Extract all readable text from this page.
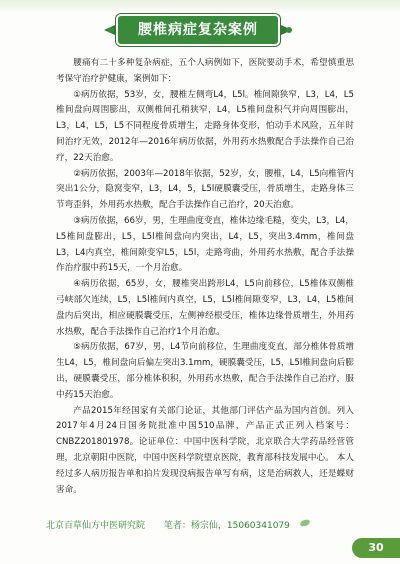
腰椎病症复杂案例

腰痛有二十多种复杂病症，五个人病例如下，医院要动手术，希望慎重思考保守治疗护健康，案例如下：

①病历依据，53岁，女，腰椎左侧弯L4，L5l。椎间隙狭窄，L3，L4，L5椎间盘向周围膨出，双侧椎间孔稍狭窄，L4，L5椎间盘积气并向周围膨出，L3，L4，L5，L5不同程度骨质增生，走路身体变形，怕动手术风险，五年时间治疗无效，2012年—2016年病历依据，外用药水热敷配合手法操作自己治疗，22天治愈。

②病历依据，2003年—2018年依据，52岁，女，腰椎，L4，L5向椎管内突出1公分，隐窝变窄，L3，L4，5，L5l硬膜囊受压，骨质增生，走路身体三节弯歪斜，外用药水热敷，配合手法操作自己治疗，20天治愈。

③病历依据，66岁，男，生理曲度变直，椎体边缘毛糙，变尖，L3，L4，L5椎间盘膨出，L5，L5l椎间盘向内突出，L4，L5，突出3.4mm，椎间盘L3，L4内真空，椎间隙变窄L5，L5l，走路弯曲，外用药水热敷，配合手法操作治疗服中药15天，一个月治愈。

④病历依据，65岁，女，腰椎突出跨形L4，L5向前移位，L5椎体双侧椎弓峡部欠连续，L5，L5l椎间内真空，L5，L5l椎间隙变窄，L3，L4，L5椎间盘内后突出，相应硬膜囊受压，左侧神经根受压，椎体边缘骨质增生，外用药水热敷，配合手法操作自己治疗1个月治愈。

⑤病历依据，67岁，男，L4节向前移位，生理曲度变直，部分椎体骨质增生L4，L5，椎间盘向后偏左突出3.1mm，硬膜囊受压，L5，L5l椎间盘向后膨出，硬膜囊受压，部分椎体积积，外用药水热敷，配合手法操作自己治疗，服中药15天治愈。

产品2015年经国家有关部门论证，其他部门评估产品为国内首创。列入2017年4月24日国务院批准中国510品牌，产品正式正列入档案号：CNBZ201801978。论证单位：中国中医科学院，北京联合大学药品经营管理，北京朝阳中医院，中国中医科学院望京医院，教育部科技发展中心。 本人经过多人病历报告单和拍片发现没病报告单写有病，这是治病救人，还是蝶财害命。

北京百草仙方中医研究院 笔者：杨宗仙，15060341079
30
